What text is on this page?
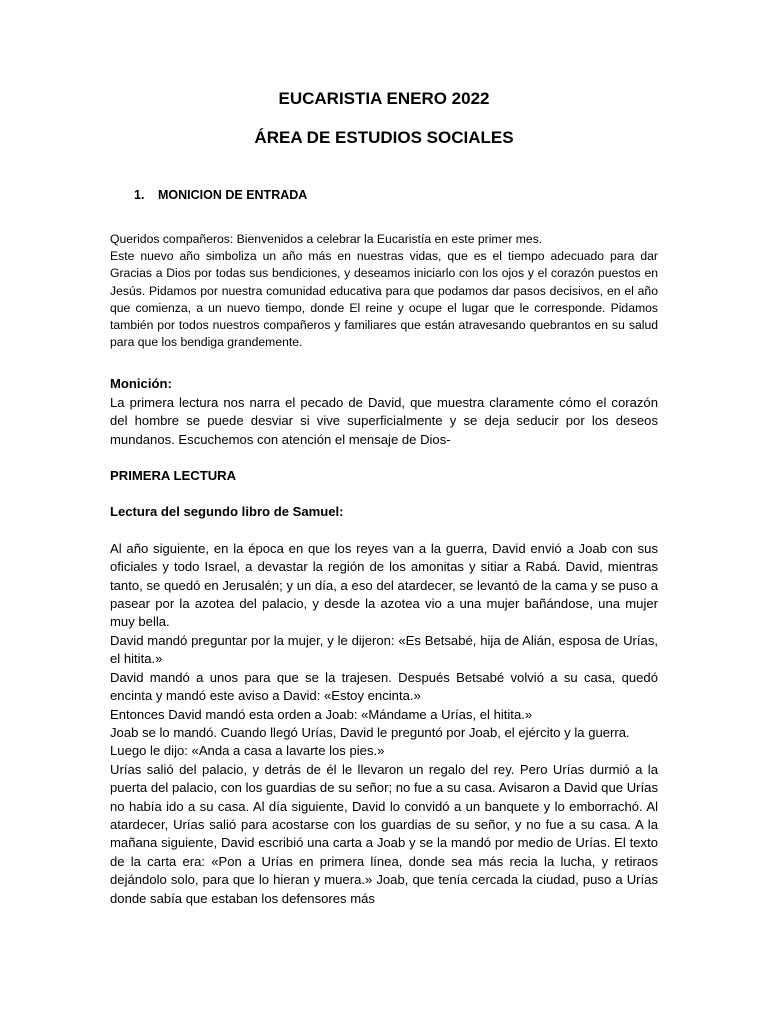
EUCARISTIA ENERO 2022
ÁREA DE ESTUDIOS SOCIALES
1.	MONICION DE ENTRADA

Queridos compañeros: Bienvenidos a celebrar la Eucaristía en este primer mes.

Este nuevo año simboliza un año más en nuestras vidas, que es el tiempo adecuado para dar Gracias a Dios por todas sus bendiciones, y deseamos iniciarlo con los ojos y el corazón puestos en Jesús. Pidamos por nuestra comunidad educativa para que podamos dar pasos decisivos, en el año que comienza, a un nuevo tiempo, donde El reine y ocupe el lugar que le corresponde. Pidamos también por todos nuestros compañeros y familiares que están atravesando quebrantos en su salud para que los bendiga grandemente.

Monición:

La primera lectura nos narra el pecado de David, que muestra claramente cómo el corazón del hombre se puede desviar si vive superficialmente y se deja seducir por los deseos mundanos. Escuchemos con atención el mensaje de Dios-

PRIMERA LECTURA

Lectura del segundo libro de Samuel:

Al año siguiente, en la época en que los reyes van a la guerra, David envió a Joab con sus oficiales y todo Israel, a devastar la región de los amonitas y sitiar a Rabá. David, mientras tanto, se quedó en Jerusalén; y un día, a eso del atardecer, se levantó de la cama y se puso a pasear por la azotea del palacio, y desde la azotea vio a una mujer bañándose, una mujer muy bella.

David mandó preguntar por la mujer, y le dijeron: «Es Betsabé, hija de Alián, esposa de Urías, el hitita.»

David mandó a unos para que se la trajesen. Después Betsabé volvió a su casa, quedó encinta y mandó este aviso a David: «Estoy encinta.»

Entonces David mandó esta orden a Joab: «Mándame a Urías, el hitita.»

Joab se lo mandó. Cuando llegó Urías, David le preguntó por Joab, el ejército y la guerra.

Luego le dijo: «Anda a casa a lavarte los pies.»

Urías salió del palacio, y detrás de él le llevaron un regalo del rey. Pero Urías durmió a la puerta del palacio, con los guardias de su señor; no fue a su casa. Avisaron a David que Urías no había ido a su casa. Al día siguiente, David lo convidó a un banquete y lo emborrachó. Al atardecer, Urías salió para acostarse con los guardias de su señor, y no fue a su casa. A la mañana siguiente, David escribió una carta a Joab y se la mandó por medio de Urías. El texto de la carta era: «Pon a Urías en primera línea, donde sea más recia la lucha, y retiraos dejándolo solo, para que lo hieran y muera.» Joab, que tenía cercada la ciudad, puso a Urías donde sabía que estaban los defensores más
